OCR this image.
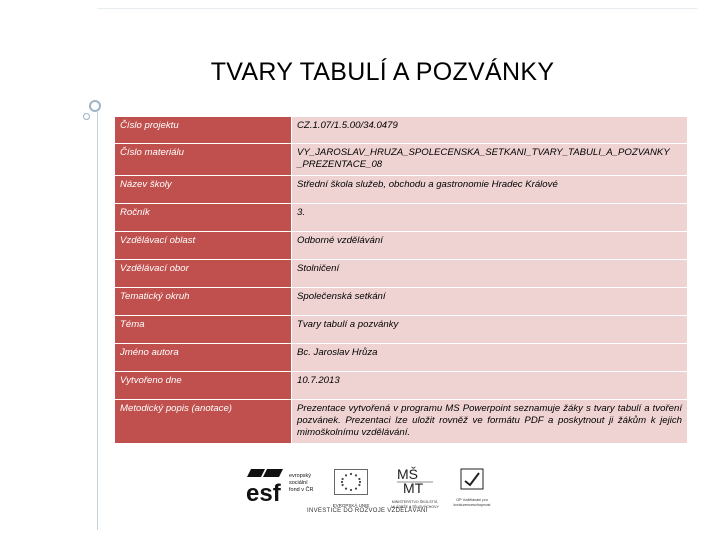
TVARY TABULÍ A POZVÁNKY
Číslo projektu	CZ.1.07/1.5.00/34.0479
Číslo materiálu	VY_JAROSLAV_HRUZA_SPOLECENSKA_SETKANI_TVARY_TABULI_A_POZVANKY _PREZENTACE_08
Název školy	Střední škola služeb, obchodu a gastronomie Hradec Králové
Ročník	3.
Vzdělávací oblast	Odborné vzdělávání
Vzdělávací obor	Stolničení
Tematický okruh	Společenská setkání
Téma	Tvary tabulí a pozvánky
Jméno autora	Bc. Jaroslav Hrůza
Vytvořeno dne	10.7.2013
Metodický popis (anotace)	Prezentace vytvořená v programu MS Powerpoint seznamuje žáky s tvary tabulí a tvoření pozvánek. Prezentaci lze uložit rovněž ve formátu PDF a poskytnout ji žákům k jejich mimoškolnímu vzdělávání.
esf
evropský
sociální
fond v ČR
EVROPSKÁ UNIE
MŠ
MT
MINISTERSTVO ŠKOLSTVÍ, MLÁDEŽE A TĚLOVÝCHOVY
OP Vzdělávání pro konkurenceschopnost
INVESTICE DO ROZVOJE VZDĚLÁVÁNÍ
